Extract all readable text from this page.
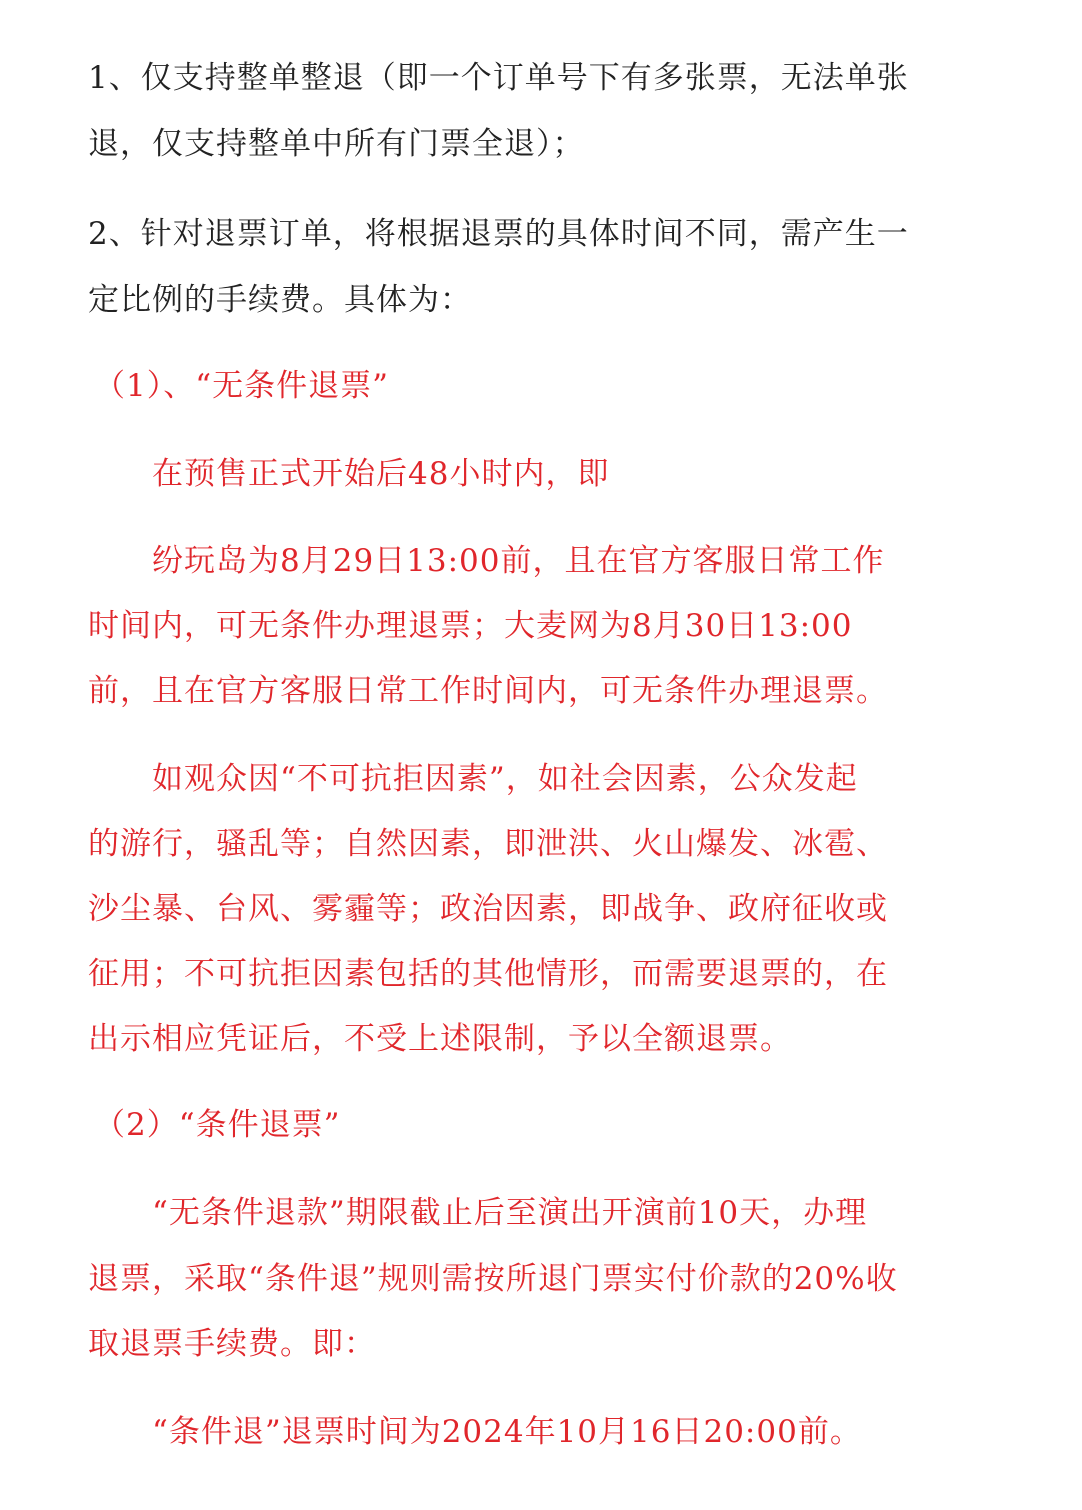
1、仅支持整单整退（即一个订单号下有多张票，无法单张
退，仅支持整单中所有门票全退）；
2、针对退票订单，将根据退票的具体时间不同，需产生一
定比例的手续费。具体为：
（1）、“无条件退票”
在预售正式开始后48小时内，即
纷玩岛为8月29日13:00前，且在官方客服日常工作
时间内，可无条件办理退票；大麦网为8月30日13:00
前，且在官方客服日常工作时间内，可无条件办理退票。
如观众因“不可抗拒因素”，如社会因素，公众发起
的游行，骚乱等；自然因素，即泄洪、火山爆发、冰雹、
沙尘暴、台风、雾霾等；政治因素，即战争、政府征收或
征用；不可抗拒因素包括的其他情形，而需要退票的，在
出示相应凭证后，不受上述限制，予以全额退票。
（2）“条件退票”
“无条件退款”期限截止后至演出开演前10天，办理
退票，采取“条件退”规则需按所退门票实付价款的20%收
取退票手续费。即：
“条件退”退票时间为2024年10月16日20:00前。
